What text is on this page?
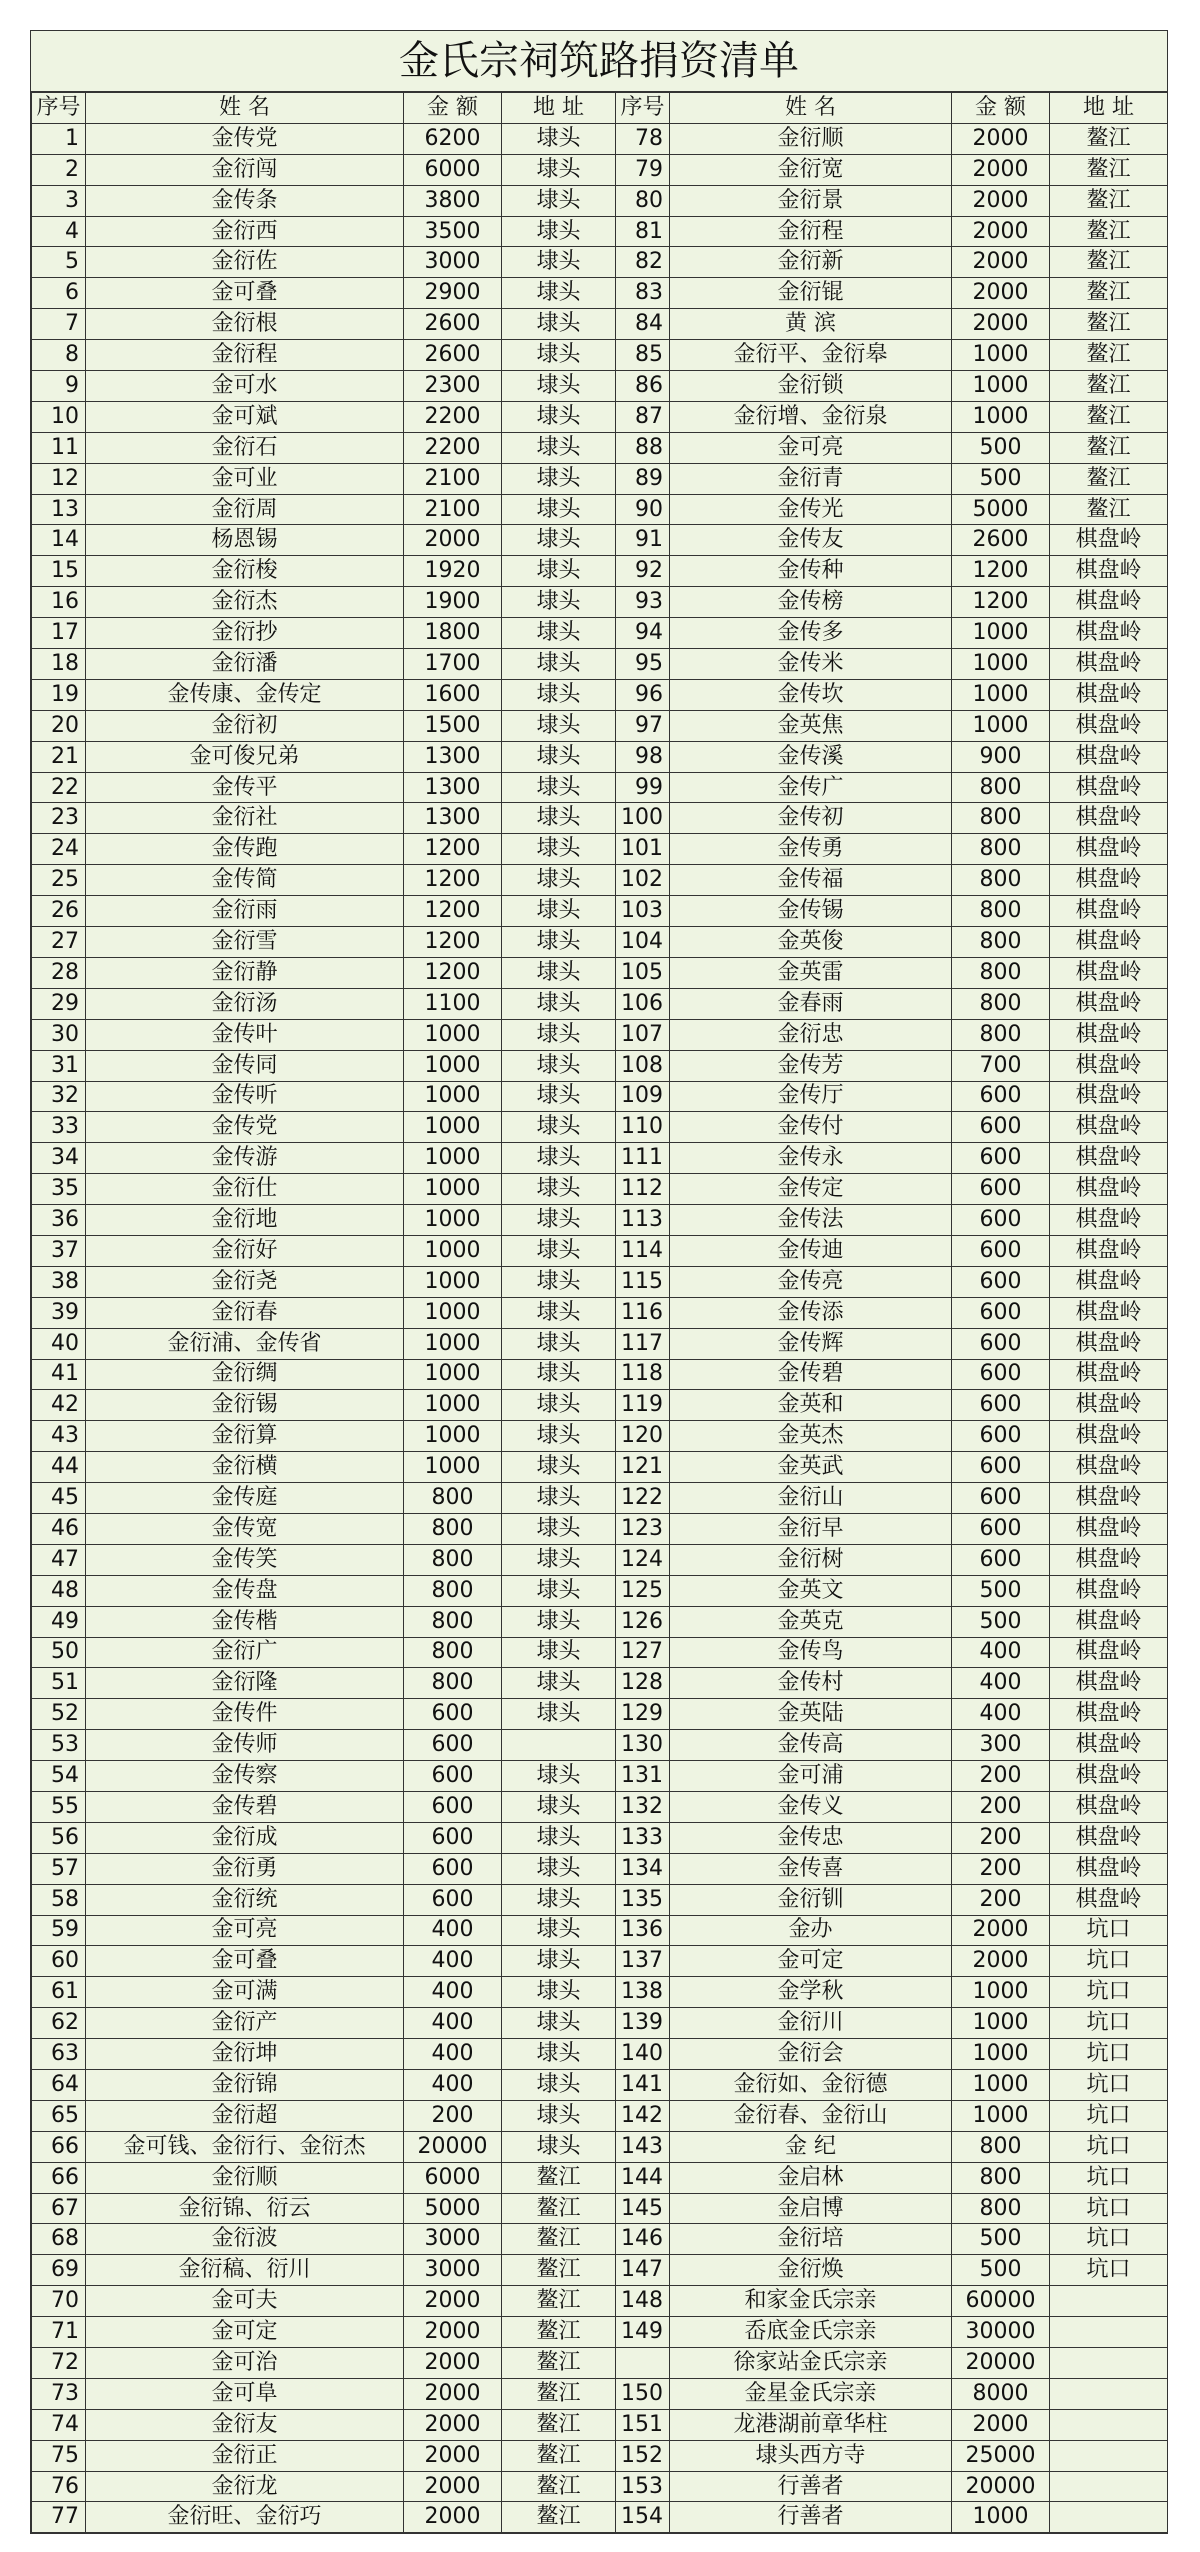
金氏宗祠筑路捐资清单
序号	姓 名	金 额	地 址	序号	姓 名	金 额	地 址
1	金传党	6200	埭头	78	金衍顺	2000	鳌江
2	金衍闯	6000	埭头	79	金衍宽	2000	鳌江
3	金传条	3800	埭头	80	金衍景	2000	鳌江
4	金衍西	3500	埭头	81	金衍程	2000	鳌江
5	金衍佐	3000	埭头	82	金衍新	2000	鳌江
6	金可叠	2900	埭头	83	金衍锟	2000	鳌江
7	金衍根	2600	埭头	84	黄 滨	2000	鳌江
8	金衍程	2600	埭头	85	金衍平、金衍皋	1000	鳌江
9	金可水	2300	埭头	86	金衍锁	1000	鳌江
10	金可斌	2200	埭头	87	金衍增、金衍泉	1000	鳌江
11	金衍石	2200	埭头	88	金可亮	500	鳌江
12	金可业	2100	埭头	89	金衍青	500	鳌江
13	金衍周	2100	埭头	90	金传光	5000	鳌江
14	杨恩锡	2000	埭头	91	金传友	2600	棋盘岭
15	金衍梭	1920	埭头	92	金传种	1200	棋盘岭
16	金衍杰	1900	埭头	93	金传榜	1200	棋盘岭
17	金衍抄	1800	埭头	94	金传多	1000	棋盘岭
18	金衍潘	1700	埭头	95	金传米	1000	棋盘岭
19	金传康、金传定	1600	埭头	96	金传坎	1000	棋盘岭
20	金衍初	1500	埭头	97	金英焦	1000	棋盘岭
21	金可俊兄弟	1300	埭头	98	金传溪	900	棋盘岭
22	金传平	1300	埭头	99	金传广	800	棋盘岭
23	金衍社	1300	埭头	100	金传初	800	棋盘岭
24	金传跑	1200	埭头	101	金传勇	800	棋盘岭
25	金传简	1200	埭头	102	金传福	800	棋盘岭
26	金衍雨	1200	埭头	103	金传锡	800	棋盘岭
27	金衍雪	1200	埭头	104	金英俊	800	棋盘岭
28	金衍静	1200	埭头	105	金英雷	800	棋盘岭
29	金衍汤	1100	埭头	106	金春雨	800	棋盘岭
30	金传叶	1000	埭头	107	金衍忠	800	棋盘岭
31	金传同	1000	埭头	108	金传芳	700	棋盘岭
32	金传听	1000	埭头	109	金传厅	600	棋盘岭
33	金传党	1000	埭头	110	金传付	600	棋盘岭
34	金传游	1000	埭头	111	金传永	600	棋盘岭
35	金衍仕	1000	埭头	112	金传定	600	棋盘岭
36	金衍地	1000	埭头	113	金传法	600	棋盘岭
37	金衍好	1000	埭头	114	金传迪	600	棋盘岭
38	金衍尧	1000	埭头	115	金传亮	600	棋盘岭
39	金衍春	1000	埭头	116	金传添	600	棋盘岭
40	金衍浦、金传省	1000	埭头	117	金传辉	600	棋盘岭
41	金衍绸	1000	埭头	118	金传碧	600	棋盘岭
42	金衍锡	1000	埭头	119	金英和	600	棋盘岭
43	金衍算	1000	埭头	120	金英杰	600	棋盘岭
44	金衍横	1000	埭头	121	金英武	600	棋盘岭
45	金传庭	800	埭头	122	金衍山	600	棋盘岭
46	金传宽	800	埭头	123	金衍早	600	棋盘岭
47	金传笑	800	埭头	124	金衍树	600	棋盘岭
48	金传盘	800	埭头	125	金英文	500	棋盘岭
49	金传楷	800	埭头	126	金英克	500	棋盘岭
50	金衍广	800	埭头	127	金传鸟	400	棋盘岭
51	金衍隆	800	埭头	128	金传村	400	棋盘岭
52	金传件	600	埭头	129	金英陆	400	棋盘岭
53	金传师	600		130	金传高	300	棋盘岭
54	金传察	600	埭头	131	金可浦	200	棋盘岭
55	金传碧	600	埭头	132	金传义	200	棋盘岭
56	金衍成	600	埭头	133	金传忠	200	棋盘岭
57	金衍勇	600	埭头	134	金传喜	200	棋盘岭
58	金衍统	600	埭头	135	金衍钏	200	棋盘岭
59	金可亮	400	埭头	136	金办	2000	坑口
60	金可叠	400	埭头	137	金可定	2000	坑口
61	金可满	400	埭头	138	金学秋	1000	坑口
62	金衍产	400	埭头	139	金衍川	1000	坑口
63	金衍坤	400	埭头	140	金衍会	1000	坑口
64	金衍锦	400	埭头	141	金衍如、金衍德	1000	坑口
65	金衍超	200	埭头	142	金衍春、金衍山	1000	坑口
66	金可钱、金衍行、金衍杰	20000	埭头	143	金 纪	800	坑口
66	金衍顺	6000	鳌江	144	金启林	800	坑口
67	金衍锦、衍云	5000	鳌江	145	金启博	800	坑口
68	金衍波	3000	鳌江	146	金衍培	500	坑口
69	金衍稿、衍川	3000	鳌江	147	金衍焕	500	坑口
70	金可夫	2000	鳌江	148	和家金氏宗亲	60000	
71	金可定	2000	鳌江	149	岙底金氏宗亲	30000	
72	金可治	2000	鳌江		徐家站金氏宗亲	20000	
73	金可阜	2000	鳌江	150	金星金氏宗亲	8000	
74	金衍友	2000	鳌江	151	龙港湖前章华柱	2000	
75	金衍正	2000	鳌江	152	埭头西方寺	25000	
76	金衍龙	2000	鳌江	153	行善者	20000	
77	金衍旺、金衍巧	2000	鳌江	154	行善者	1000	
